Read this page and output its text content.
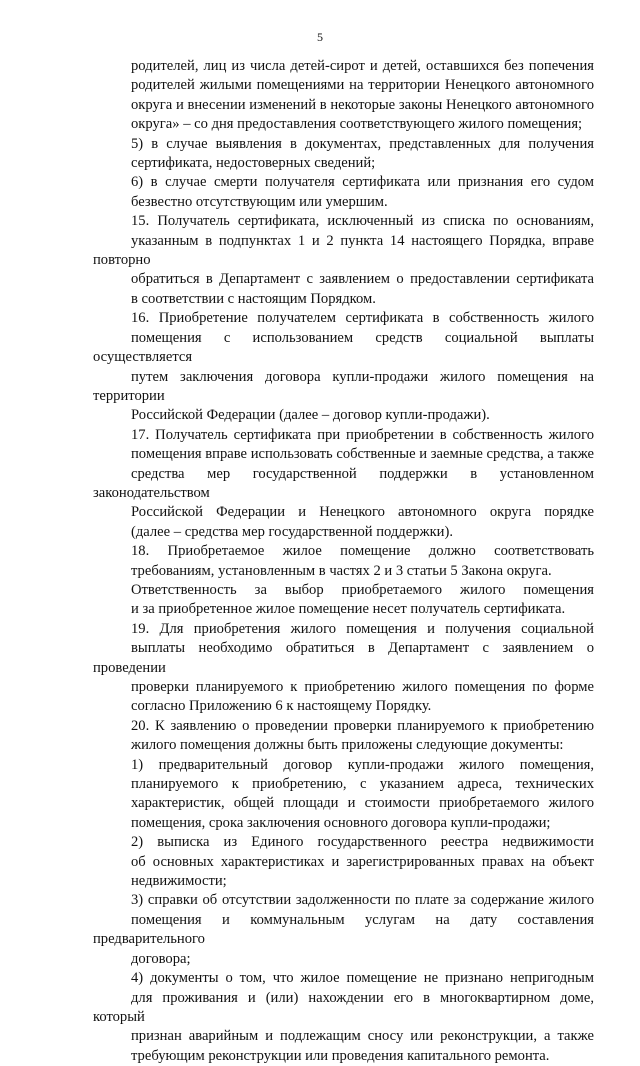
5
родителей, лиц из числа детей-сирот и детей, оставшихся без попечения
родителей жилыми помещениями на территории Ненецкого автономного
округа и внесении изменений в некоторые законы Ненецкого автономного
округа» – со дня предоставления соответствующего жилого помещения;
5) в случае выявления в документах, представленных для получения
сертификата, недостоверных сведений;
6) в случае смерти получателя сертификата или признания его судом
безвестно отсутствующим или умершим.
15. Получатель сертификата, исключенный из списка по основаниям,
указанным в подпунктах 1 и 2 пункта 14 настоящего Порядка, вправе повторно
обратиться в Департамент с заявлением о предоставлении сертификата
в соответствии с настоящим Порядком.
16. Приобретение получателем сертификата в собственность жилого
помещения с использованием средств социальной выплаты осуществляется
путем заключения договора купли-продажи жилого помещения на территории
Российской Федерации (далее – договор купли-продажи).
17. Получатель сертификата при приобретении в собственность жилого
помещения вправе использовать собственные и заемные средства, а также
средства мер государственной поддержки в установленном законодательством
Российской Федерации и Ненецкого автономного округа порядке
(далее – средства мер государственной поддержки).
18. Приобретаемое жилое помещение должно соответствовать
требованиям, установленным в частях 2 и 3 статьи 5 Закона округа.
Ответственность за выбор приобретаемого жилого помещения
и за приобретенное жилое помещение несет получатель сертификата.
19. Для приобретения жилого помещения и получения социальной
выплаты необходимо обратиться в Департамент с заявлением о проведении
проверки планируемого к приобретению жилого помещения по форме
согласно Приложению 6 к настоящему Порядку.
20. К заявлению о проведении проверки планируемого к приобретению
жилого помещения должны быть приложены следующие документы:
1) предварительный договор купли-продажи жилого помещения,
планируемого к приобретению, с указанием адреса, технических
характеристик, общей площади и стоимости приобретаемого жилого
помещения, срока заключения основного договора купли-продажи;
2) выписка из Единого государственного реестра недвижимости
об основных характеристиках и зарегистрированных правах на объект
недвижимости;
3) справки об отсутствии задолженности по плате за содержание жилого
помещения и коммунальным услугам на дату составления предварительного
договора;
4) документы о том, что жилое помещение не признано непригодным
для проживания и (или) нахождении его в многоквартирном доме, который
признан аварийным и подлежащим сносу или реконструкции, а также
требующим реконструкции или проведения капитального ремонта.
